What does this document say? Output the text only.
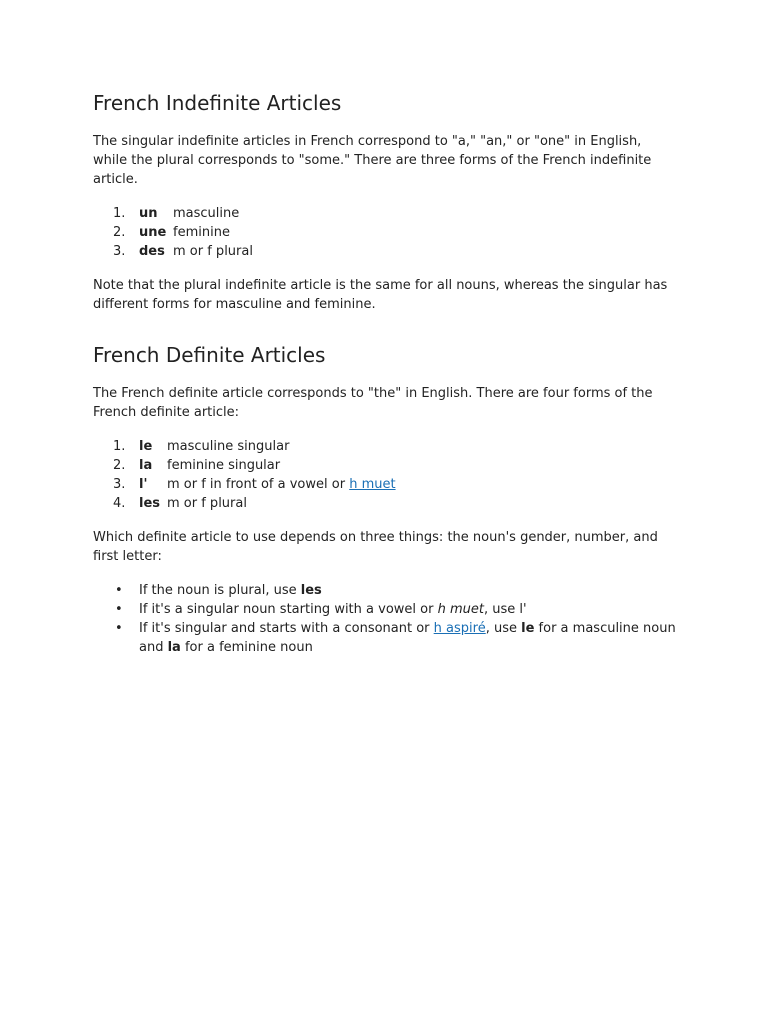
French Indefinite Articles

The singular indefinite articles in French correspond to "a," "an," or "one" in English, while the plural corresponds to "some." There are three forms of the French indefinite article.

1. un masculine
2. une feminine
3. des m or f plural

Note that the plural indefinite article is the same for all nouns, whereas the singular has different forms for masculine and feminine.

French Definite Articles

The French definite article corresponds to "the" in English. There are four forms of the French definite article:

1. le masculine singular
2. la feminine singular
3. l' m or f in front of a vowel or h muet
4. les m or f plural

Which definite article to use depends on three things: the noun's gender, number, and first letter:

• If the noun is plural, use les
• If it's a singular noun starting with a vowel or h muet, use l'
• If it's singular and starts with a consonant or h aspiré, use le for a masculine noun and la for a feminine noun
